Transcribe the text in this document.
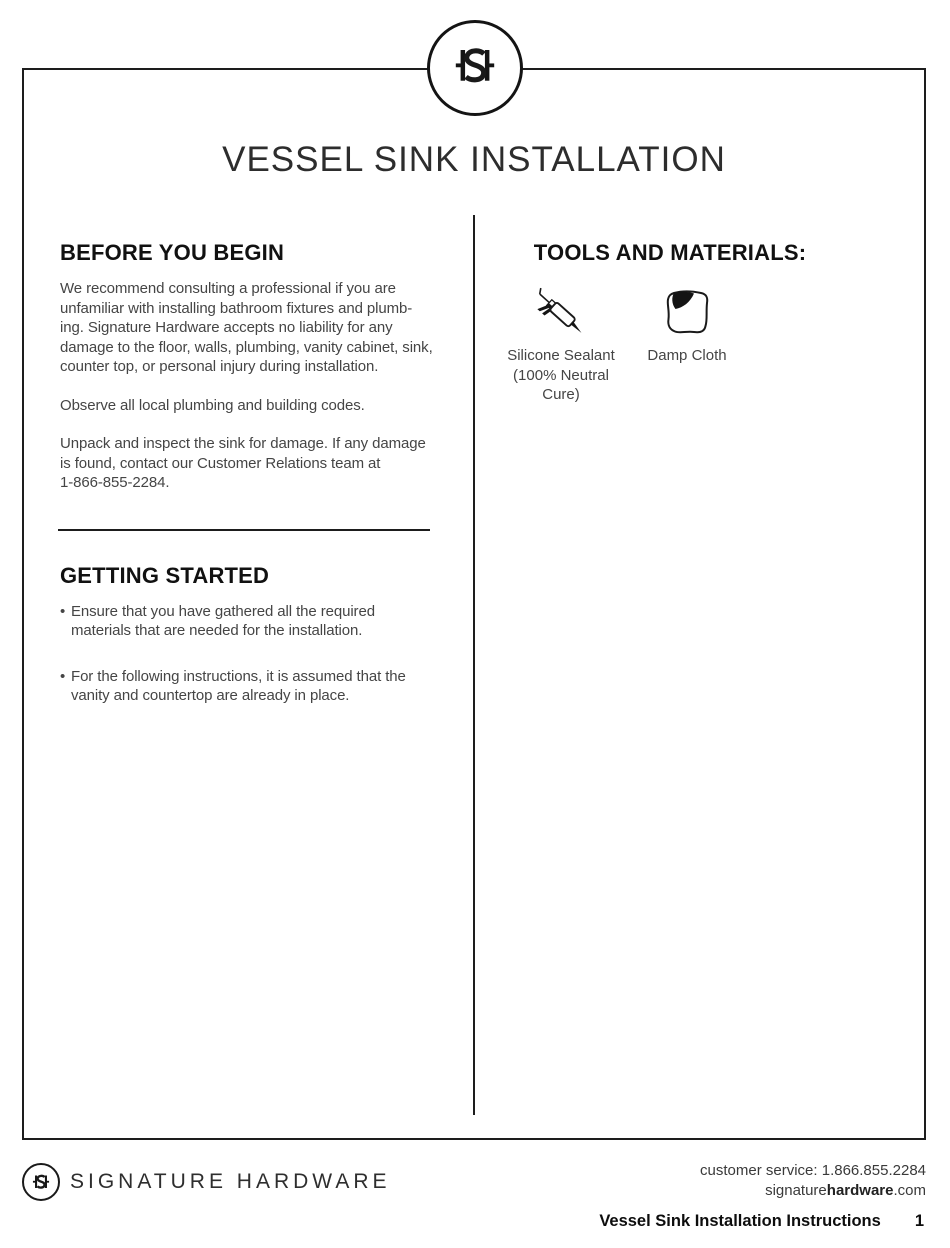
VESSEL SINK INSTALLATION
BEFORE YOU BEGIN
We recommend consulting a professional if you are
unfamiliar with installing bathroom fixtures and plumb-
ing. Signature Hardware accepts no liability for any
damage to the floor, walls, plumbing, vanity cabinet, sink,
counter top, or personal injury during installation.
Observe all local plumbing and building codes.
Unpack and inspect the sink for damage. If any damage
is found, contact our Customer Relations team at
1-866-855-2284.
GETTING STARTED
• Ensure that you have gathered all the required
materials that are needed for the installation.
• For the following instructions, it is assumed that the
vanity and countertop are already in place.
TOOLS AND MATERIALS:
Silicone Sealant
(100% Neutral
Cure)
Damp Cloth
SIGNATURE HARDWARE	customer service: 1.866.855.2284
signaturehardware.com
Vessel Sink Installation Instructions 1
